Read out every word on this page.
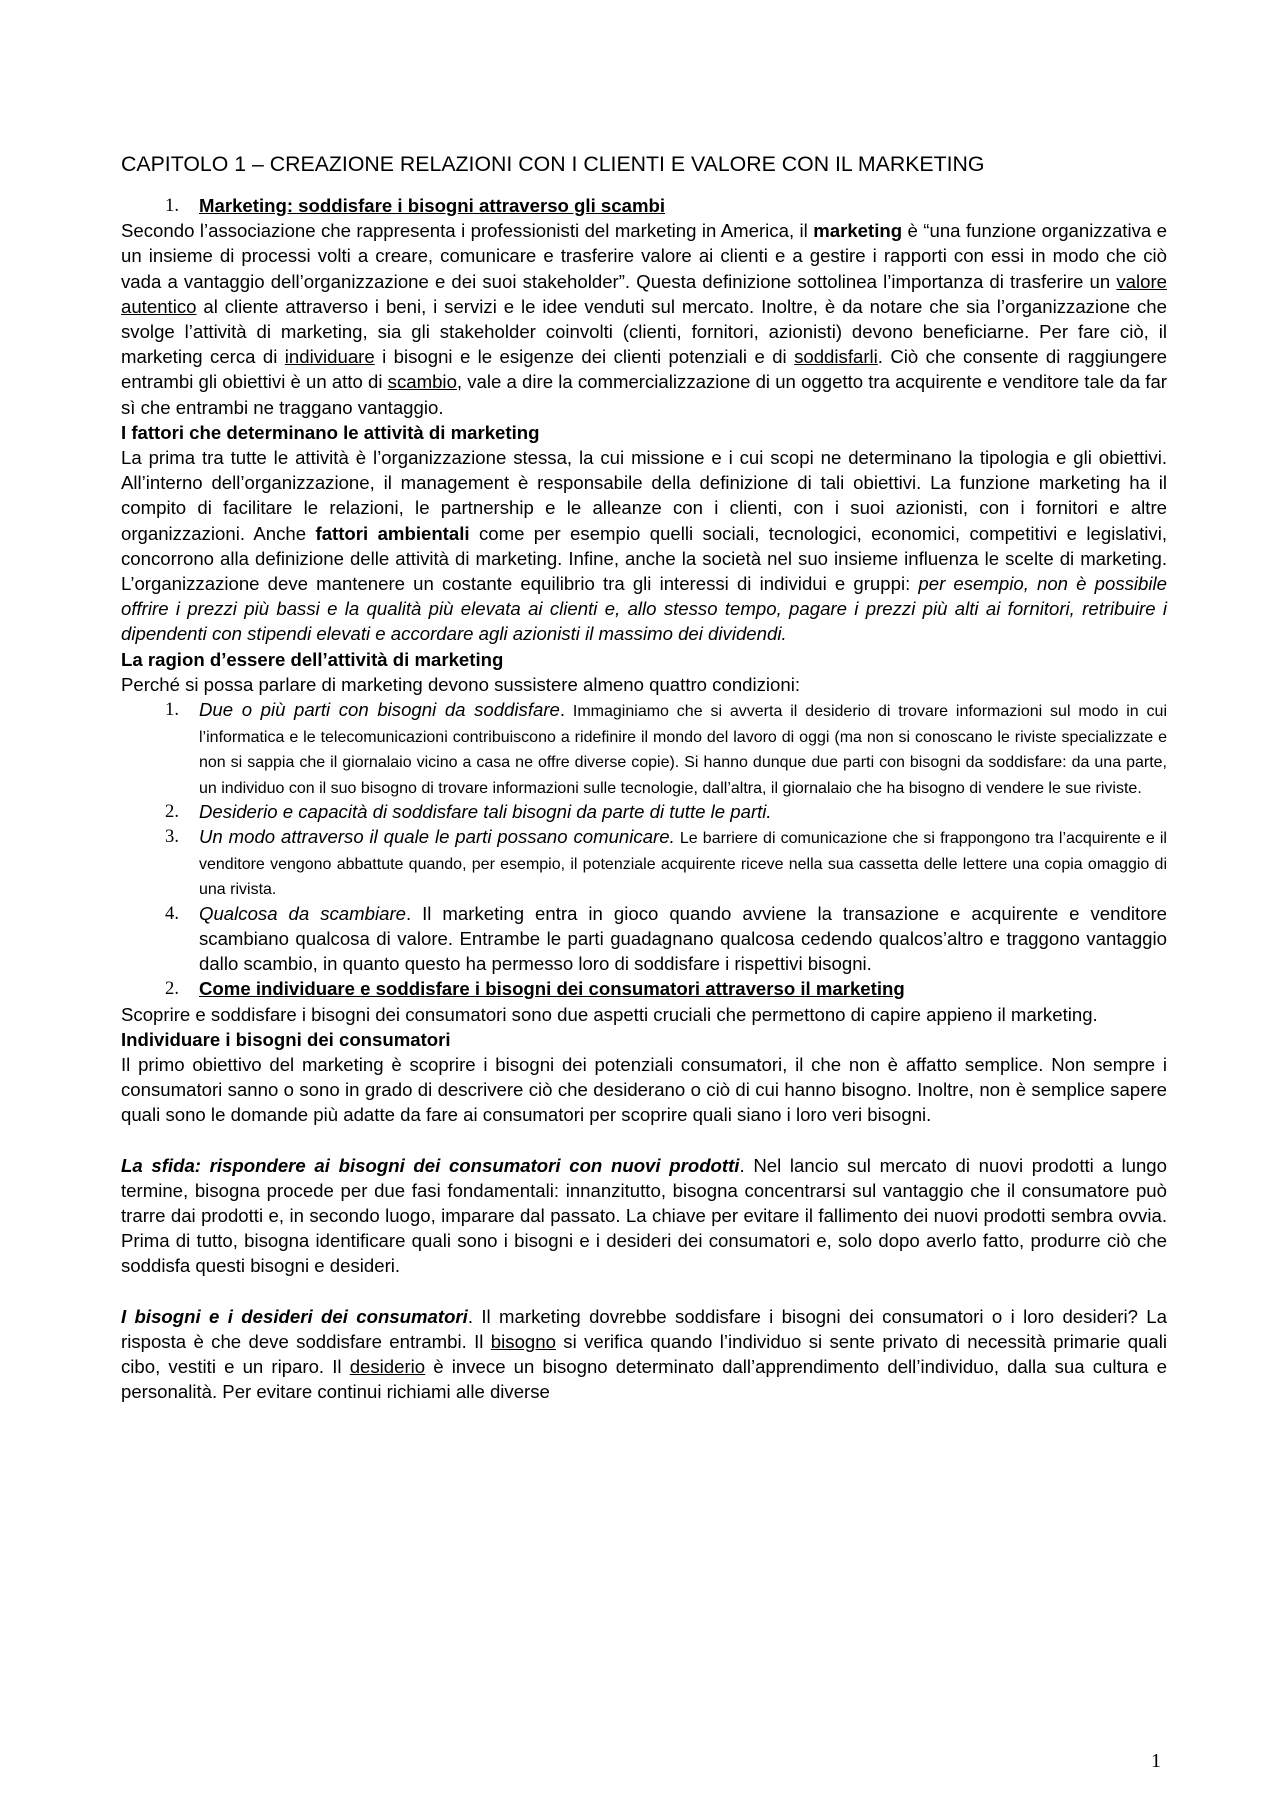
CAPITOLO 1 – CREAZIONE RELAZIONI CON I CLIENTI E VALORE CON IL MARKETING
1.	Marketing: soddisfare i bisogni attraverso gli scambi

Secondo l’associazione che rappresenta i professionisti del marketing in America, il marketing è “una funzione organizzativa e un insieme di processi volti a creare, comunicare e trasferire valore ai clienti e a gestire i rapporti con essi in modo che ciò vada a vantaggio dell’organizzazione e dei suoi stakeholder”. Questa definizione sottolinea l’importanza di trasferire un valore autentico al cliente attraverso i beni, i servizi e le idee venduti sul mercato. Inoltre, è da notare che sia l’organizzazione che svolge l’attività di marketing, sia gli stakeholder coinvolti (clienti, fornitori, azionisti) devono beneficiarne. Per fare ciò, il marketing cerca di individuare i bisogni e le esigenze dei clienti potenziali e di soddisfarli. Ciò che consente di raggiungere entrambi gli obiettivi è un atto di scambio, vale a dire la commercializzazione di un oggetto tra acquirente e venditore tale da far sì che entrambi ne traggano vantaggio.

I fattori che determinano le attività di marketing

La prima tra tutte le attività è l’organizzazione stessa, la cui missione e i cui scopi ne determinano la tipologia e gli obiettivi. All’interno dell’organizzazione, il management è responsabile della definizione di tali obiettivi. La funzione marketing ha il compito di facilitare le relazioni, le partnership e le alleanze con i clienti, con i suoi azionisti, con i fornitori e altre organizzazioni. Anche fattori ambientali come per esempio quelli sociali, tecnologici, economici, competitivi e legislativi, concorrono alla definizione delle attività di marketing. Infine, anche la società nel suo insieme influenza le scelte di marketing. L’organizzazione deve mantenere un costante equilibrio tra gli interessi di individui e gruppi: per esempio, non è possibile offrire i prezzi più bassi e la qualità più elevata ai clienti e, allo stesso tempo, pagare i prezzi più alti ai fornitori, retribuire i dipendenti con stipendi elevati e accordare agli azionisti il massimo dei dividendi.

La ragion d’essere dell’attività di marketing

Perché si possa parlare di marketing devono sussistere almeno quattro condizioni:

1.	Due o più parti con bisogni da soddisfare. Immaginiamo che si avverta il desiderio di trovare informazioni sul modo in cui l’informatica e le telecomunicazioni contribuiscono a ridefinire il mondo del lavoro di oggi (ma non si conoscano le riviste specializzate e non si sappia che il giornalaio vicino a casa ne offre diverse copie). Si hanno dunque due parti con bisogni da soddisfare: da una parte, un individuo con il suo bisogno di trovare informazioni sulle tecnologie, dall’altra, il giornalaio che ha bisogno di vendere le sue riviste.
2.	Desiderio e capacità di soddisfare tali bisogni da parte di tutte le parti.
3.	Un modo attraverso il quale le parti possano comunicare. Le barriere di comunicazione che si frappongono tra l’acquirente e il venditore vengono abbattute quando, per esempio, il potenziale acquirente riceve nella sua cassetta delle lettere una copia omaggio di una rivista.
4.	Qualcosa da scambiare. Il marketing entra in gioco quando avviene la transazione e acquirente e venditore scambiano qualcosa di valore. Entrambe le parti guadagnano qualcosa cedendo qualcos’altro e traggono vantaggio dallo scambio, in quanto questo ha permesso loro di soddisfare i rispettivi bisogni.
2.	Come individuare e soddisfare i bisogni dei consumatori attraverso il marketing

Scoprire e soddisfare i bisogni dei consumatori sono due aspetti cruciali che permettono di capire appieno il marketing.

Individuare i bisogni dei consumatori

Il primo obiettivo del marketing è scoprire i bisogni dei potenziali consumatori, il che non è affatto semplice. Non sempre i consumatori sanno o sono in grado di descrivere ciò che desiderano o ciò di cui hanno bisogno. Inoltre, non è semplice sapere quali sono le domande più adatte da fare ai consumatori per scoprire quali siano i loro veri bisogni.

La sfida: rispondere ai bisogni dei consumatori con nuovi prodotti. Nel lancio sul mercato di nuovi prodotti a lungo termine, bisogna procede per due fasi fondamentali: innanzitutto, bisogna concentrarsi sul vantaggio che il consumatore può trarre dai prodotti e, in secondo luogo, imparare dal passato. La chiave per evitare il fallimento dei nuovi prodotti sembra ovvia. Prima di tutto, bisogna identificare quali sono i bisogni e i desideri dei consumatori e, solo dopo averlo fatto, produrre ciò che soddisfa questi bisogni e desideri.

I bisogni e i desideri dei consumatori. Il marketing dovrebbe soddisfare i bisogni dei consumatori o i loro desideri? La risposta è che deve soddisfare entrambi. Il bisogno si verifica quando l’individuo si sente privato di necessità primarie quali cibo, vestiti e un riparo. Il desiderio è invece un bisogno determinato dall’apprendimento dell’individuo, dalla sua cultura e personalità. Per evitare continui richiami alle diverse

1
